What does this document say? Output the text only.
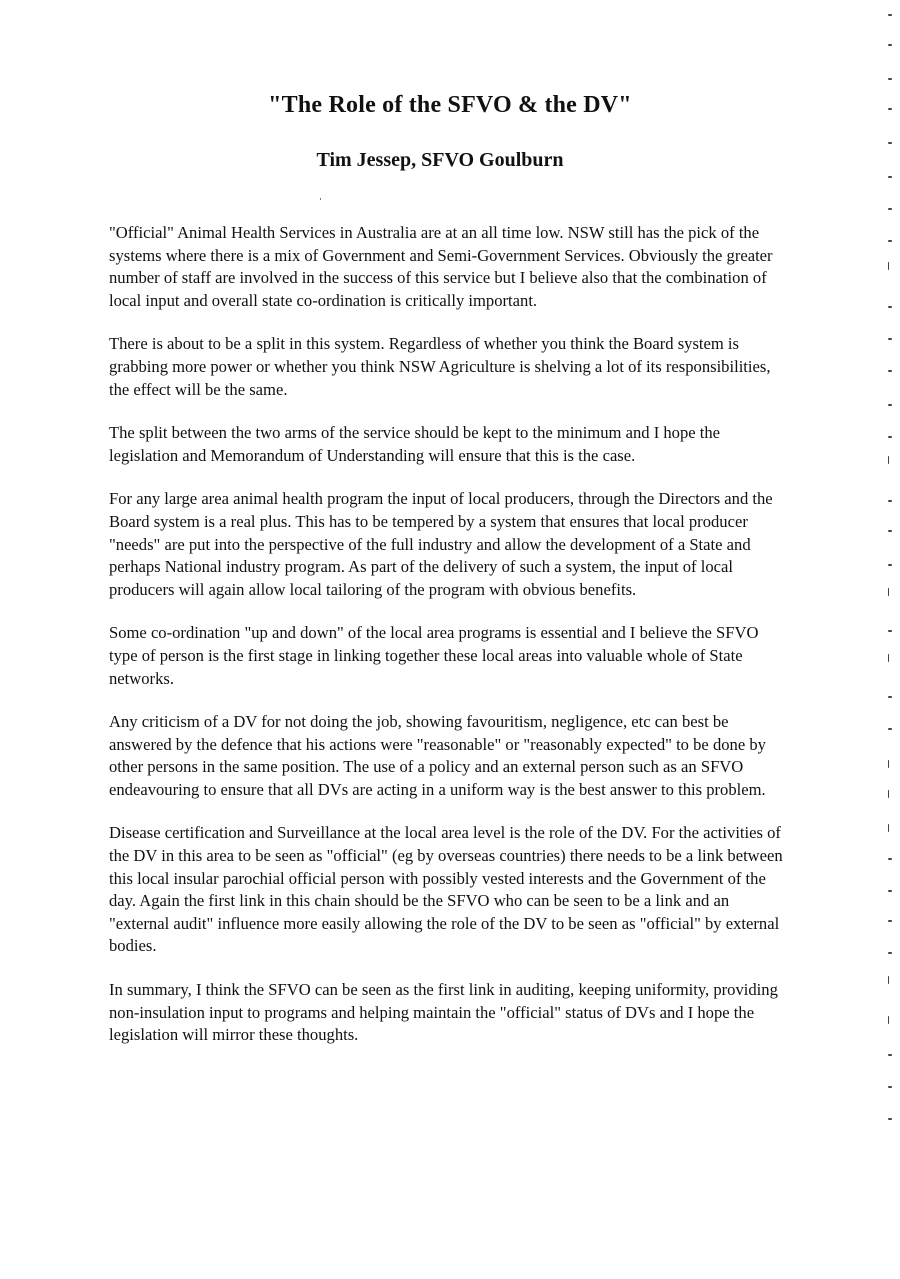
"The Role of the SFVO & the DV"
Tim Jessep, SFVO Goulburn

"Official" Animal Health Services in Australia are at an all time low. NSW still has the pick of the systems where there is a mix of Government and Semi-Government Services. Obviously the greater number of staff are involved in the success of this service but I believe also that the combination of local input and overall state co-ordination is critically important.

There is about to be a split in this system. Regardless of whether you think the Board system is grabbing more power or whether you think NSW Agriculture is shelving a lot of its responsibilities, the effect will be the same.

The split between the two arms of the service should be kept to the minimum and I hope the legislation and Memorandum of Understanding will ensure that this is the case.

For any large area animal health program the input of local producers, through the Directors and the Board system is a real plus. This has to be tempered by a system that ensures that local producer "needs" are put into the perspective of the full industry and allow the development of a State and perhaps National industry program. As part of the delivery of such a system, the input of local producers will again allow local tailoring of the program with obvious benefits.

Some co-ordination "up and down" of the local area programs is essential and I believe the SFVO type of person is the first stage in linking together these local areas into valuable whole of State networks.

Any criticism of a DV for not doing the job, showing favouritism, negligence, etc can best be answered by the defence that his actions were "reasonable" or "reasonably expected" to be done by other persons in the same position. The use of a policy and an external person such as an SFVO endeavouring to ensure that all DVs are acting in a uniform way is the best answer to this problem.

Disease certification and Surveillance at the local area level is the role of the DV. For the activities of the DV in this area to be seen as "official" (eg by overseas countries) there needs to be a link between this local insular parochial official person with possibly vested interests and the Government of the day. Again the first link in this chain should be the SFVO who can be seen to be a link and an "external audit" influence more easily allowing the role of the DV to be seen as "official" by external bodies.

In summary, I think the SFVO can be seen as the first link in auditing, keeping uniformity, providing non-insulation input to programs and helping maintain the "official" status of DVs and I hope the legislation will mirror these thoughts.
